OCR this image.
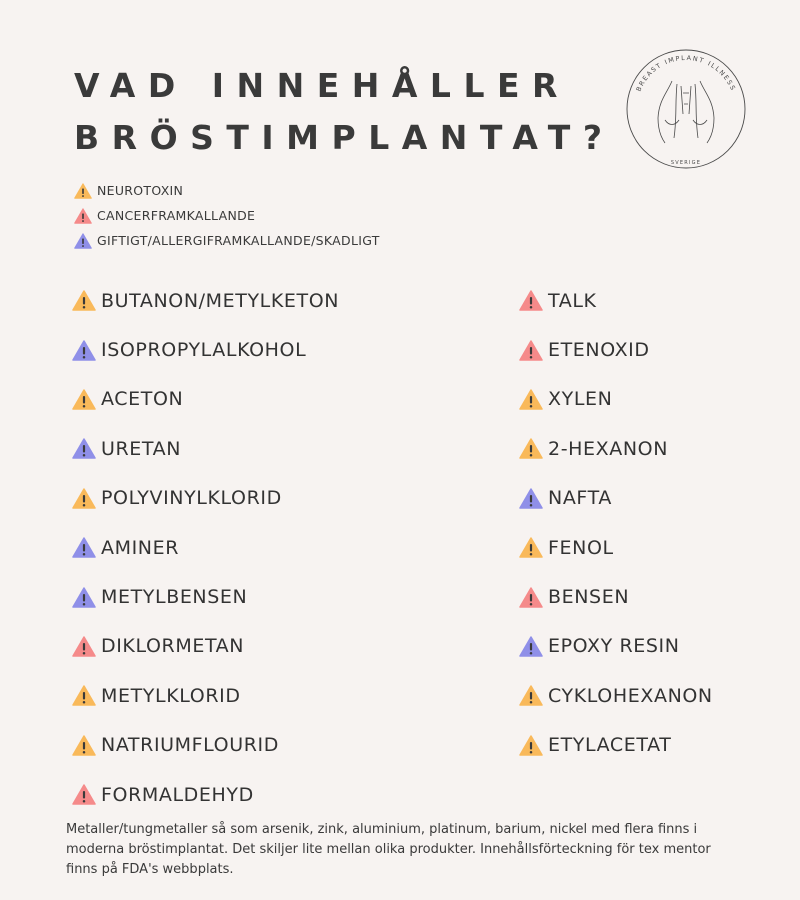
VAD INNEHÅLLER
BRÖSTIMPLANTAT?
BREAST IMPLANT ILLNESS
SVERIGE
NEUROTOXIN
CANCERFRAMKALLANDE
GIFTIGT/ALLERGIFRAMKALLANDE/SKADLIGT
BUTANON/METYLKETON
ISOPROPYLALKOHOL
ACETON
URETAN
POLYVINYLKLORID
AMINER
METYLBENSEN
DIKLORMETAN
METYLKLORID
NATRIUMFLOURID
FORMALDEHYD
TALK
ETENOXID
XYLEN
2-HEXANON
NAFTA
FENOL
BENSEN
EPOXY RESIN
CYKLOHEXANON
ETYLACETAT
Metaller/tungmetaller så som arsenik, zink, aluminium, platinum, barium, nickel med flera finns i moderna bröstimplantat. Det skiljer lite mellan olika produkter. Innehållsförteckning för tex mentor finns på FDA's webbplats.
